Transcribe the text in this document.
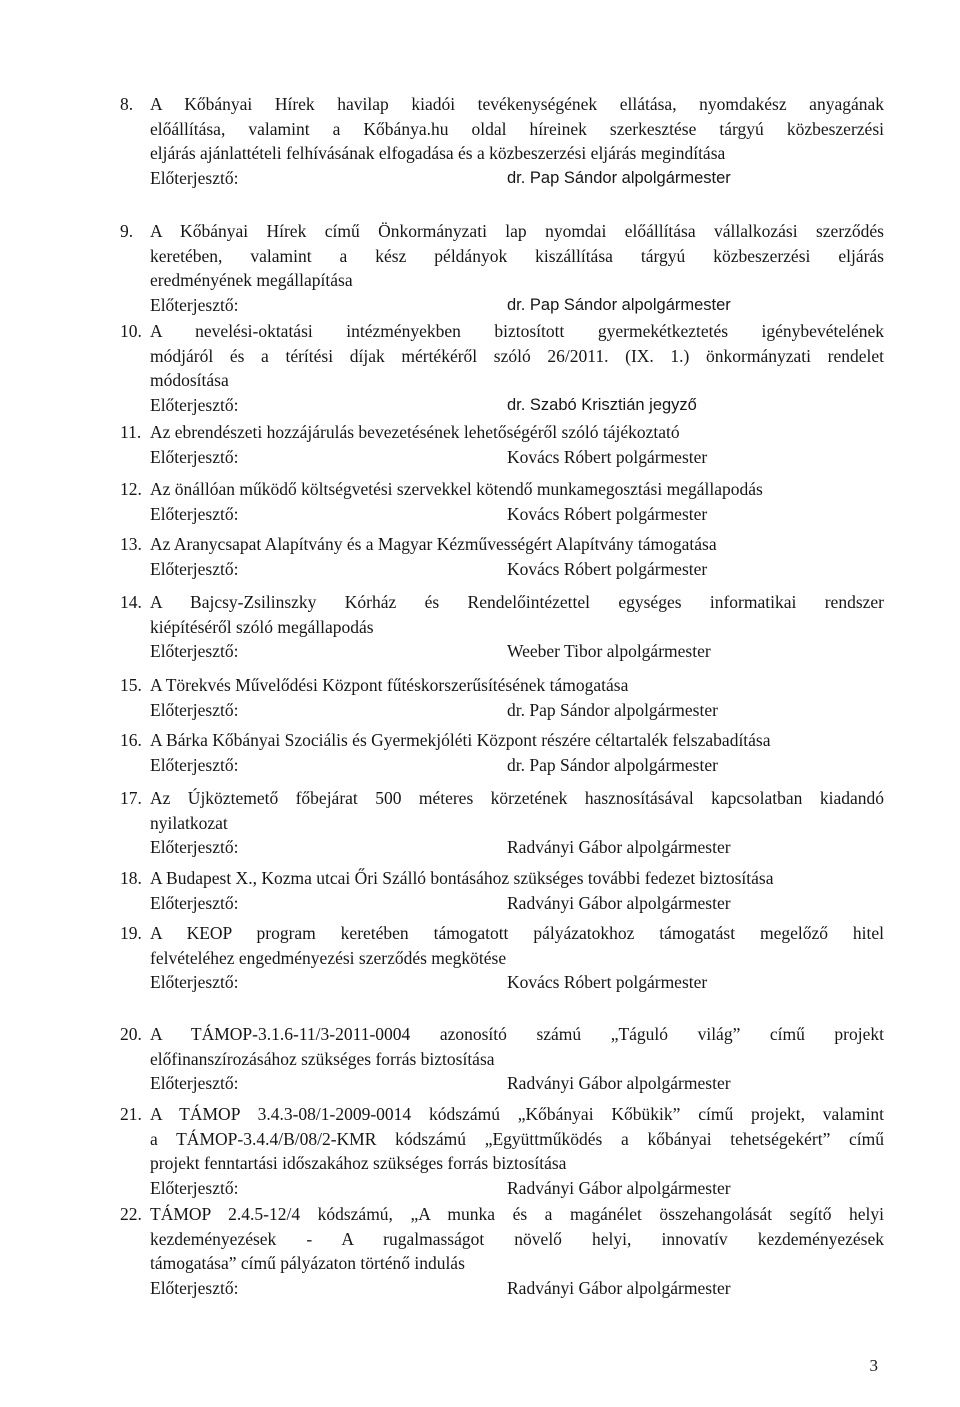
8. A Kőbányai Hírek havilap kiadói tevékenységének ellátása, nyomdakész anyagának
előállítása, valamint a Kőbánya.hu oldal híreinek szerkesztése tárgyú közbeszerzési
eljárás ajánlattételi felhívásának elfogadása és a közbeszerzési eljárás megindítása
Előterjesztő:	dr. Pap Sándor alpolgármester
9. A Kőbányai Hírek című Önkormányzati lap nyomdai előállítása vállalkozási szerződés
keretében, valamint a kész példányok kiszállítása tárgyú közbeszerzési eljárás
eredményének megállapítása
Előterjesztő:	dr. Pap Sándor alpolgármester
10. A nevelési-oktatási intézményekben biztosított gyermekétkeztetés igénybevételének
módjáról és a térítési díjak mértékéről szóló 26/2011. (IX. 1.) önkormányzati rendelet
módosítása
Előterjesztő:	dr. Szabó Krisztián jegyző
11. Az ebrendészeti hozzájárulás bevezetésének lehetőségéről szóló tájékoztató
Előterjesztő:	Kovács Róbert polgármester
12. Az önállóan működő költségvetési szervekkel kötendő munkamegosztási megállapodás
Előterjesztő:	Kovács Róbert polgármester
13. Az Aranycsapat Alapítvány és a Magyar Kézművességért Alapítvány támogatása
Előterjesztő:	Kovács Róbert polgármester
14. A Bajcsy-Zsilinszky Kórház és Rendelőintézettel egységes informatikai rendszer
kiépítéséről szóló megállapodás
Előterjesztő:	Weeber Tibor alpolgármester
15. A Törekvés Művelődési Központ fűtéskorszerűsítésének támogatása
Előterjesztő:	dr. Pap Sándor alpolgármester
16. A Bárka Kőbányai Szociális és Gyermekjóléti Központ részére céltartalék felszabadítása
Előterjesztő:	dr. Pap Sándor alpolgármester
17. Az Újköztemető főbejárat 500 méteres körzetének hasznosításával kapcsolatban kiadandó
nyilatkozat
Előterjesztő:	Radványi Gábor alpolgármester
18. A Budapest X., Kozma utcai Őri Szálló bontásához szükséges további fedezet biztosítása
Előterjesztő:	Radványi Gábor alpolgármester
19. A KEOP program keretében támogatott pályázatokhoz támogatást megelőző hitel
felvételéhez engedményezési szerződés megkötése
Előterjesztő:	Kovács Róbert polgármester
20. A TÁMOP-3.1.6-11/3-2011-0004 azonosító számú „Táguló világ” című projekt
előfinanszírozásához szükséges forrás biztosítása
Előterjesztő:	Radványi Gábor alpolgármester
21. A TÁMOP 3.4.3-08/1-2009-0014 kódszámú „Kőbányai Kőbükik” című projekt, valamint
a TÁMOP-3.4.4/B/08/2-KMR kódszámú „Együttműködés a kőbányai tehetségekért” című
projekt fenntartási időszakához szükséges forrás biztosítása
Előterjesztő:	Radványi Gábor alpolgármester
22. TÁMOP 2.4.5-12/4 kódszámú, „A munka és a magánélet összehangolását segítő helyi
kezdeményezések - A rugalmasságot növelő helyi, innovatív kezdeményezések
támogatása” című pályázaton történő indulás
Előterjesztő:	Radványi Gábor alpolgármester
3
